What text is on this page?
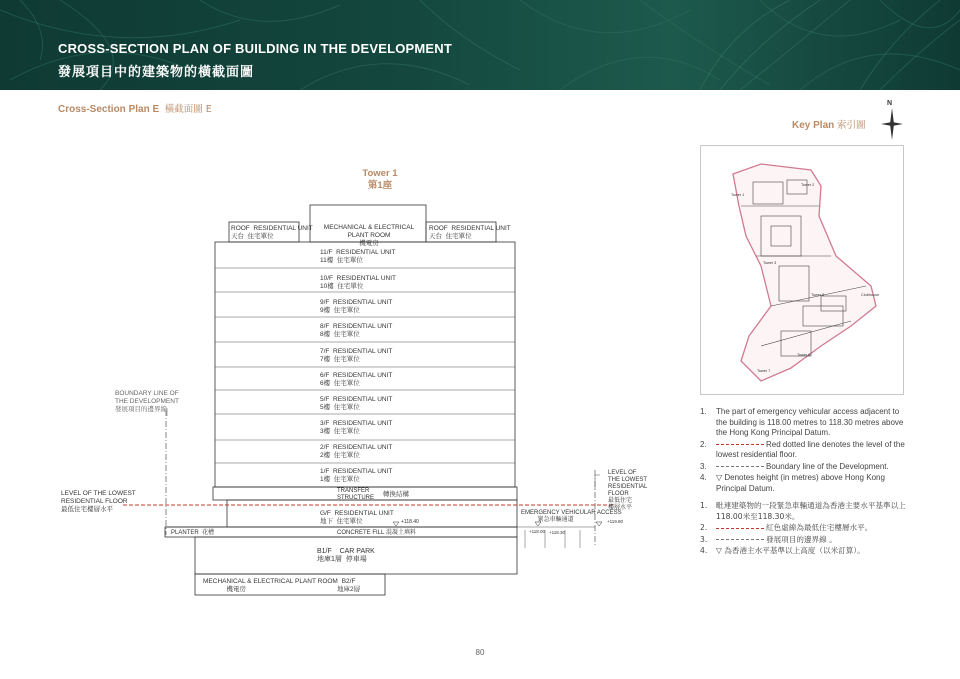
CROSS-SECTION PLAN OF BUILDING IN THE DEVELOPMENT
發展項目中的建築物的橫截面圖
Cross-Section Plan E 橫截面圖 E
N
Key Plan 索引圖
Tower 1
Tower 2
Tower 3
Tower 5
Tower 6
Tower 7
Clubhouse
1. The part of emergency vehicular access adjacent to the building is 118.00 metres to 118.30 metres above the Hong Kong Principal Datum.
2.	Red dotted line denotes the level of the lowest residential floor.
3.	Boundary line of the Development.
4. ▽ Denotes height (in metres) above Hong Kong Principal Datum.
1. 毗連建築物的一段緊急車輛通道為香港主要水平基準以上118.00米至118.30米。
2.	紅色虛線為最低住宅樓層水平。
3.	發展項目的邊界線 。
4. ▽ 為香港主水平基準以上高度（以米訂算）。
Tower 1
第1座
ROOF RESIDENTIAL UNIT
天台 住宅單位
MECHANICAL & ELECTRICAL PLANT ROOM
機電房
ROOF RESIDENTIAL UNIT
天台 住宅單位
11/F RESIDENTIAL UNIT
11樓 住宅單位
10/F RESIDENTIAL UNIT
10樓 住宅單位
9/F RESIDENTIAL UNIT
9樓 住宅單位
8/F RESIDENTIAL UNIT
8樓 住宅單位
7/F RESIDENTIAL UNIT
7樓 住宅單位
6/F RESIDENTIAL UNIT
6樓 住宅單位
5/F RESIDENTIAL UNIT
5樓 住宅單位
3/F RESIDENTIAL UNIT
3樓 住宅單位
2/F RESIDENTIAL UNIT
2樓 住宅單位
1/F RESIDENTIAL UNIT
1樓 住宅單位
TRANSFER
STRUCTURE 轉換結構
G/F RESIDENTIAL UNIT
地下 住宅單位	+118.40
CONCRETE FILL 混凝土填料
PLANTER 花槽
B1/F CAR PARK
地庫1層 停車場
MECHANICAL & ELECTRICAL PLANT ROOM
機電房
B2/F
地庫2層
BOUNDARY LINE OF
THE DEVELOPMENT
發展項目的邊界線
LEVEL OF THE LOWEST
RESIDENTIAL FLOOR
最低住宅樓層水平
LEVEL OF
THE LOWEST
RESIDENTIAL
FLOOR
最低住宅
樓層水平
EMERGENCY VEHICULAR ACCESS
緊急車輛通道
+118.00 +118.30
+119.80
80
